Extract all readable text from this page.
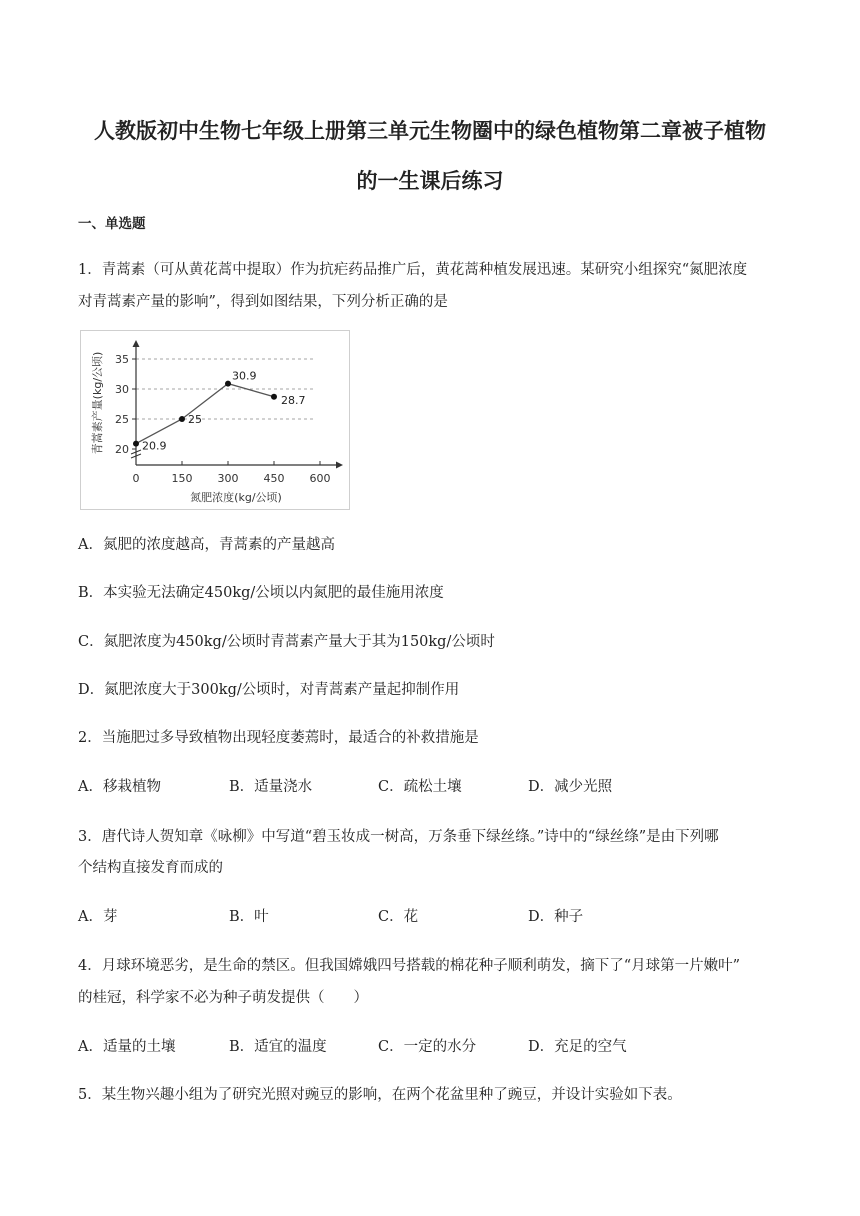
人教版初中生物七年级上册第三单元生物圈中的绿色植物第二章被子植物
的一生课后练习
一、单选题
1．青蒿素（可从黄花蒿中提取）作为抗疟药品推广后，黄花蒿种植发展迅速。某研究小组探究“氮肥浓度
对青蒿素产量的影响”，得到如图结果，下列分析正确的是
20
25
30
35
0	150 300 450 600
20.9
25
30.9
28.7
氮肥浓度(kg/公顷)
青蒿素产量(kg/公顷)
A．氮肥的浓度越高，青蒿素的产量越高
B．本实验无法确定450kg/公顷以内氮肥的最佳施用浓度
C．氮肥浓度为450kg/公顷时青蒿素产量大于其为150kg/公顷时
D．氮肥浓度大于300kg/公顷时，对青蒿素产量起抑制作用
2．当施肥过多导致植物出现轻度萎蔫时，最适合的补救措施是
A．移栽植物	B．适量浇水	C．疏松土壤	D．减少光照
3．唐代诗人贺知章《咏柳》中写道“碧玉妆成一树高，万条垂下绿丝绦。”诗中的“绿丝绦”是由下列哪
个结构直接发育而成的
A．芽	B．叶	C．花	D．种子
4．月球环境恶劣，是生命的禁区。但我国嫦娥四号搭载的棉花种子顺利萌发，摘下了“月球第一片嫩叶”
的桂冠，科学家不必为种子萌发提供（　　）
A．适量的土壤	B．适宜的温度	C．一定的水分	D．充足的空气
5．某生物兴趣小组为了研究光照对豌豆的影响，在两个花盆里种了豌豆，并设计实验如下表。
